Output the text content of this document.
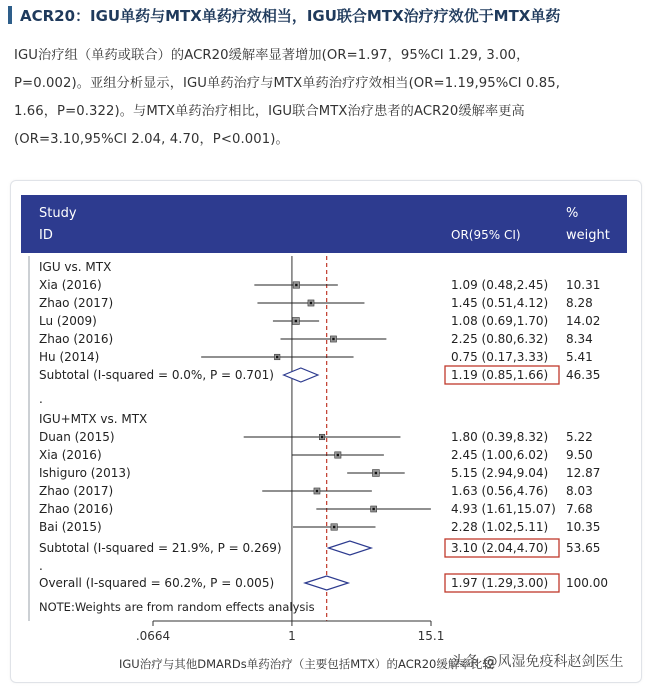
ACR20：IGU单药与MTX单药疗效相当，IGU联合MTX治疗疗效优于MTX单药

IGU治疗组（单药或联合）的ACR20缓解率显著增加(OR=1.97，95%CI 1.29, 3.00，

P=0.002)。亚组分析显示，IGU单药治疗与MTX单药治疗疗效相当(OR=1.19,95%CI 0.85,

1.66，P=0.322)。与MTX单药治疗相比，IGU联合MTX治疗患者的ACR20缓解率更高

(OR=3.10,95%CI 2.04, 4.70，P<0.001)。

Study
ID	OR(95% CI)
%
weight
.0664	1	15.1
IGU vs. MTX
Xia (2016)	1.09 (0.48,2.45) 10.31
Zhao (2017)	1.45 (0.51,4.12) 8.28
Lu (2009)	1.08 (0.69,1.70) 14.02
Zhao (2016)	2.25 (0.80,6.32) 8.34
Hu (2014)	0.75 (0.17,3.33) 5.41
Subtotal (I-squared = 0.0%, P = 0.701)	1.19 (0.85,1.66) 46.35
.
IGU+MTX vs. MTX
Duan (2015)	1.80 (0.39,8.32) 5.22
Xia (2016)	2.45 (1.00,6.02) 9.50
Ishiguro (2013)	5.15 (2.94,9.04) 12.87
Zhao (2017)	1.63 (0.56,4.76) 8.03
Zhao (2016)	4.93 (1.61,15.07) 7.68
Bai (2015)	2.28 (1.02,5.11) 10.35
Subtotal (I-squared = 21.9%, P = 0.269)	3.10 (2.04,4.70) 53.65
.
Overall (I-squared = 60.2%, P = 0.005)	1.97 (1.29,3.00) 100.00
NOTE:Weights are from random effects analysis
IGU治疗与其他DMARDs单药治疗（主要包括MTX）的ACR20缓解率比较
头条 @风湿免疫科赵剑医生
